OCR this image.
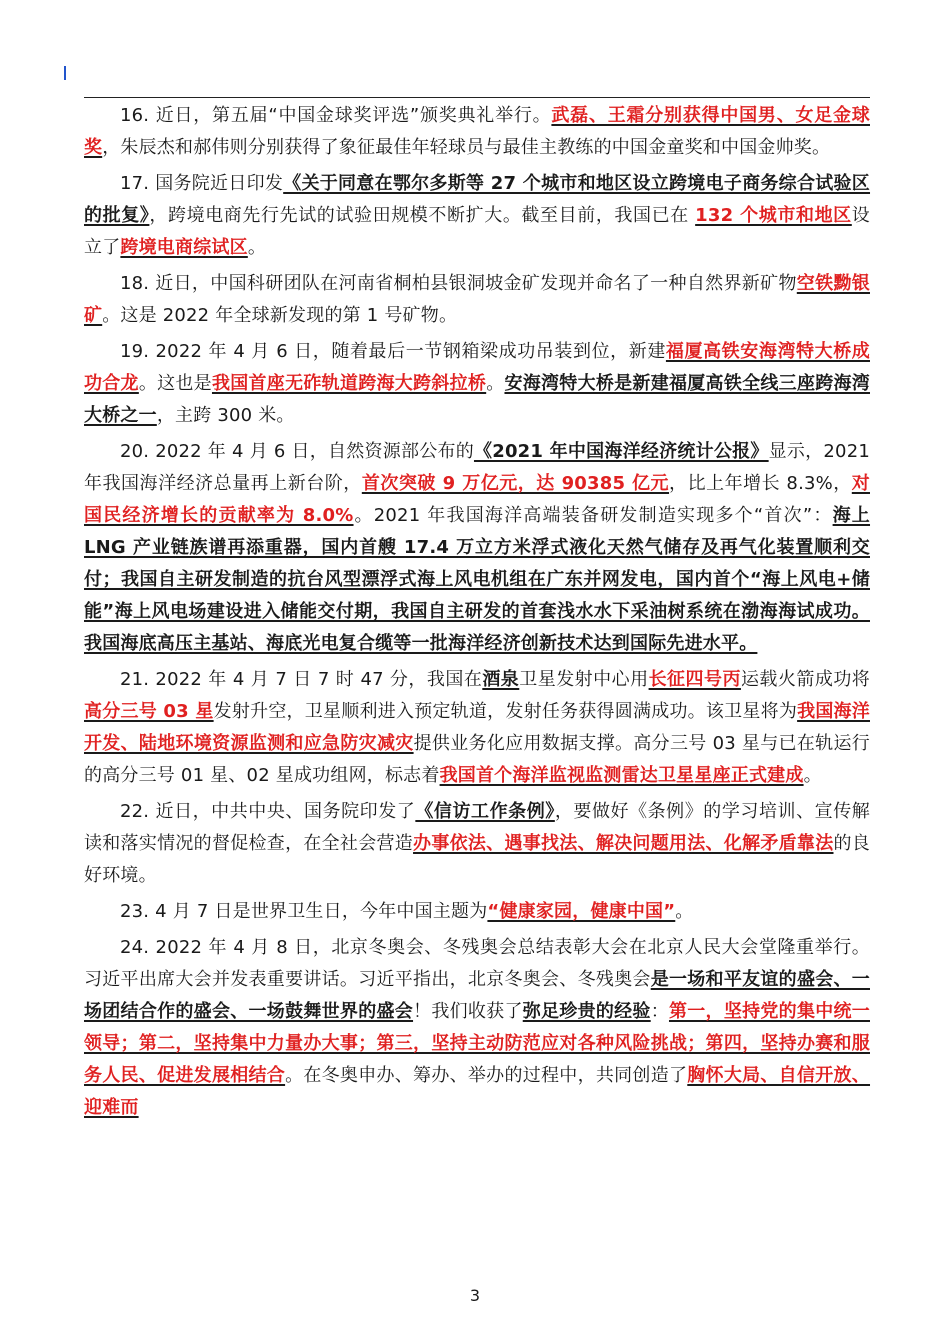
16. 近日，第五届“中国金球奖评选”颁奖典礼举行。武磊、王霜分别获得中国男、女足金球奖，朱辰杰和郝伟则分别获得了象征最佳年轻球员与最佳主教练的中国金童奖和中国金帅奖。

17. 国务院近日印发《关于同意在鄂尔多斯等 27 个城市和地区设立跨境电子商务综合试验区的批复》，跨境电商先行先试的试验田规模不断扩大。截至目前，我国已在 132 个城市和地区设立了跨境电商综试区。

18. 近日，中国科研团队在河南省桐柏县银洞坡金矿发现并命名了一种自然界新矿物空铁黝银矿。这是 2022 年全球新发现的第 1 号矿物。

19. 2022 年 4 月 6 日，随着最后一节钢箱梁成功吊装到位，新建福厦高铁安海湾特大桥成功合龙。这也是我国首座无砟轨道跨海大跨斜拉桥。安海湾特大桥是新建福厦高铁全线三座跨海湾大桥之一，主跨 300 米。

20. 2022 年 4 月 6 日，自然资源部公布的《2021 年中国海洋经济统计公报》显示，2021 年我国海洋经济总量再上新台阶，首次突破 9 万亿元，达 90385 亿元，比上年增长 8.3%，对国民经济增长的贡献率为 8.0%。2021 年我国海洋高端装备研发制造实现多个“首次”：海上 LNG 产业链族谱再添重器，国内首艘 17.4 万立方米浮式液化天然气储存及再气化装置顺利交付；我国自主研发制造的抗台风型漂浮式海上风电机组在广东并网发电，国内首个“海上风电+储能”海上风电场建设进入储能交付期，我国自主研发的首套浅水水下采油树系统在渤海海试成功。我国海底高压主基站、海底光电复合缆等一批海洋经济创新技术达到国际先进水平。

21. 2022 年 4 月 7 日 7 时 47 分，我国在酒泉卫星发射中心用长征四号丙运载火箭成功将高分三号 03 星发射升空，卫星顺利进入预定轨道，发射任务获得圆满成功。该卫星将为我国海洋开发、陆地环境资源监测和应急防灾减灾提供业务化应用数据支撑。高分三号 03 星与已在轨运行的高分三号 01 星、02 星成功组网，标志着我国首个海洋监视监测雷达卫星星座正式建成。

22. 近日，中共中央、国务院印发了《信访工作条例》，要做好《条例》的学习培训、宣传解读和落实情况的督促检查，在全社会营造办事依法、遇事找法、解决问题用法、化解矛盾靠法的良好环境。

23. 4 月 7 日是世界卫生日，今年中国主题为“健康家园，健康中国”。

24. 2022 年 4 月 8 日，北京冬奥会、冬残奥会总结表彰大会在北京人民大会堂隆重举行。习近平出席大会并发表重要讲话。习近平指出，北京冬奥会、冬残奥会是一场和平友谊的盛会、一场团结合作的盛会、一场鼓舞世界的盛会！我们收获了弥足珍贵的经验：第一，坚持党的集中统一领导；第二，坚持集中力量办大事；第三，坚持主动防范应对各种风险挑战；第四，坚持办赛和服务人民、促进发展相结合。在冬奥申办、筹办、举办的过程中，共同创造了胸怀大局、自信开放、迎难而

3
